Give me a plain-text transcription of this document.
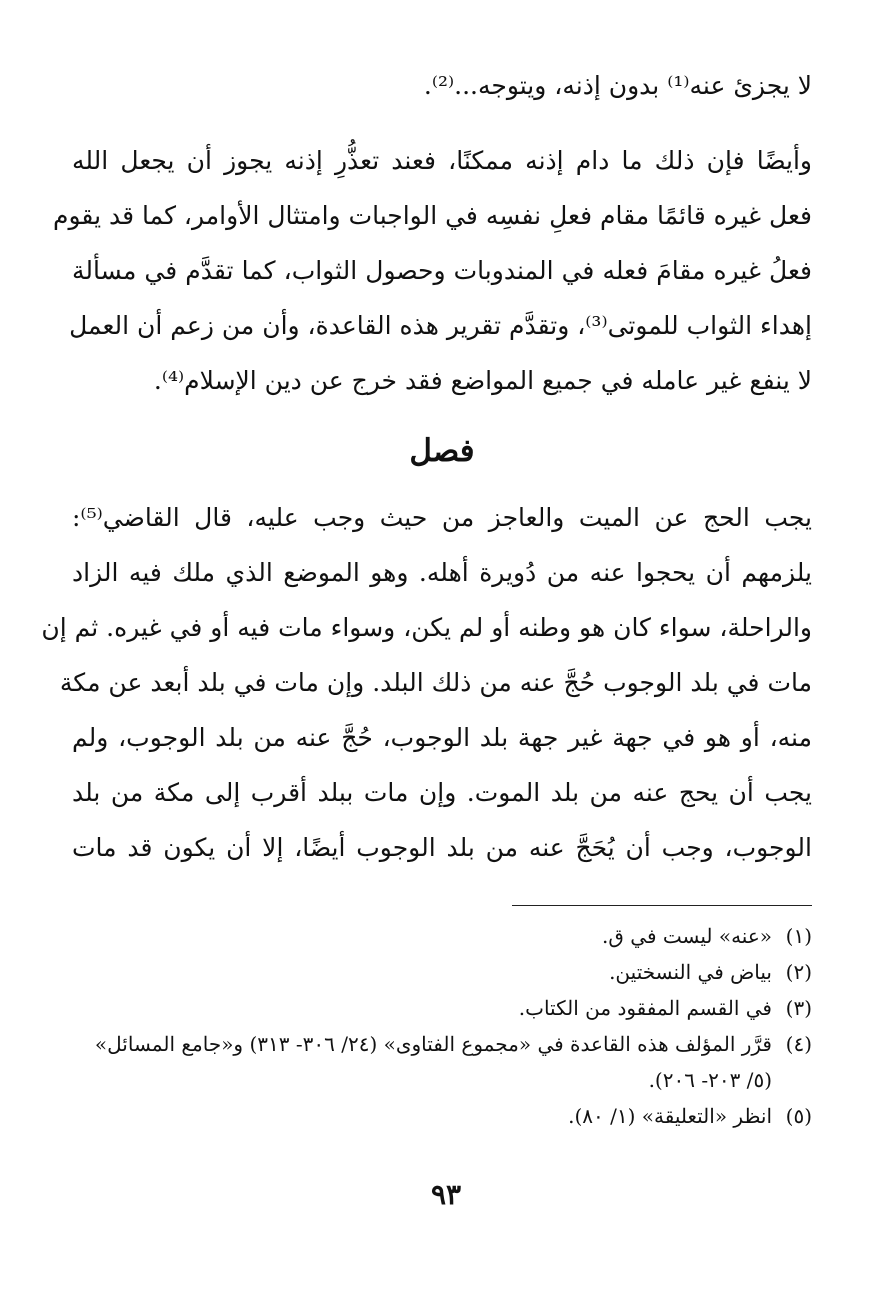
لا يجزئ عنه⁽¹⁾ بدون إذنه، ويتوجه...⁽²⁾.
وأيضًا فإن ذلك ما دام إذنه ممكنًا، فعند تعذُّرِ إذنه يجوز أن يجعل الله
فعل غيره قائمًا مقام فعلِ نفسِه في الواجبات وامتثال الأوامر، كما قد يقوم
فعلُ غيره مقامَ فعله في المندوبات وحصول الثواب، كما تقدَّم في مسألة
إهداء الثواب للموتى⁽³⁾، وتقدَّم تقرير هذه القاعدة، وأن من زعم أن العمل
لا ينفع غير عامله في جميع المواضع فقد خرج عن دين الإسلام⁽⁴⁾.
فصل
يجب الحج عن الميت والعاجز من حيث وجب عليه، قال القاضي⁽⁵⁾:
يلزمهم أن يحجوا عنه من دُويرة أهله. وهو الموضع الذي ملك فيه الزاد
والراحلة، سواء كان هو وطنه أو لم يكن، وسواء مات فيه أو في غيره. ثم إن
مات في بلد الوجوب حُجَّ عنه من ذلك البلد. وإن مات في بلد أبعد عن مكة
منه، أو هو في جهة غير جهة بلد الوجوب، حُجَّ عنه من بلد الوجوب، ولم
يجب أن يحج عنه من بلد الموت. وإن مات ببلد أقرب إلى مكة من بلد
الوجوب، وجب أن يُحَجَّ عنه من بلد الوجوب أيضًا، إلا أن يكون قد مات
(١)
«عنه» ليست في ق.
(٢)
بياض في النسختين.
(٣)
في القسم المفقود من الكتاب.
(٤)
قرَّر المؤلف هذه القاعدة في «مجموع الفتاوى» (٢٤/ ٣٠٦- ٣١٣) و«جامع المسائل» (٥/ ٢٠٣- ٢٠٦).
(٥)
انظر «التعليقة» (١/ ٨٠).
٩٣
